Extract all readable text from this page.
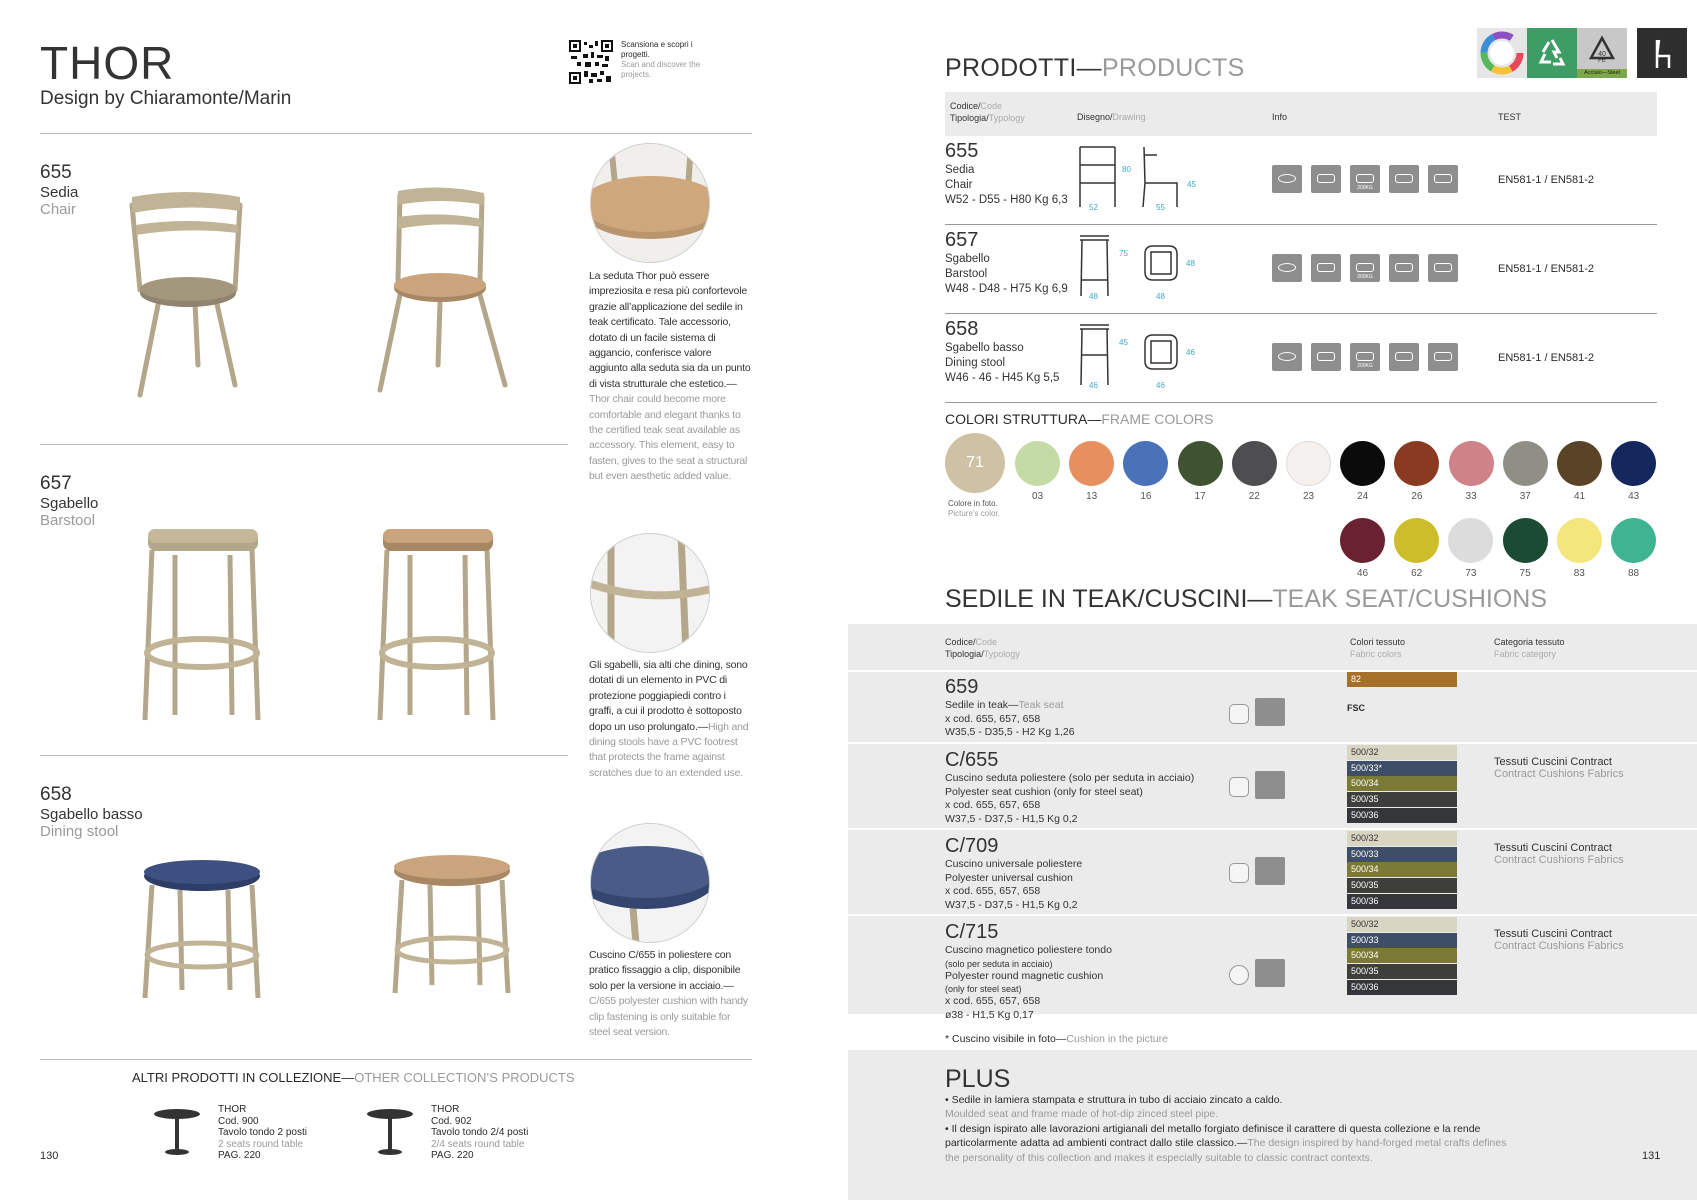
THOR
Design by Chiaramonte/Marin
Scansiona e scopri i progetti.
Scan and discover the projects.
655
Sedia
Chair
657
Sgabello
Barstool
658
Sgabello basso
Dining stool
La seduta Thor può essere impreziosita e resa più confortevole grazie all’applicazione del sedile in teak certificato. Tale accessorio, dotato di un facile sistema di aggancio, conferisce valore aggiunto alla seduta sia da un punto di vista strutturale che estetico.—Thor chair could become more comfortable and elegant thanks to the certified teak seat available as accessory. This element, easy to fasten, gives to the seat a structural but even aesthetic added value.
Gli sgabelli, sia alti che dining, sono dotati di un elemento in PVC di protezione poggiapiedi contro i graffi, a cui il prodotto è sottoposto dopo un uso prolungato.—High and dining stools have a PVC footrest that protects the frame against scratches due to an extended use.
Cuscino C/655 in poliestere con pratico fissaggio a clip, disponibile solo per la versione in acciaio.—C/655 polyester cushion with handy clip fastening is only suitable for steel seat version.
ALTRI PRODOTTI IN COLLEZIONE—OTHER COLLECTION’S PRODUCTS
THOR
Cod. 900
Tavolo tondo 2 posti
2 seats round table
PAG. 220
THOR
Cod. 902
Tavolo tondo 2/4 posti
2/4 seats round table
PAG. 220
130
40
FE
Acciaio—Steel
PRODOTTI—PRODUCTS
Codice/Code
Tipologia/Typology	Disegno/Drawing	Info	TEST
655
Sedia
Chair
W52 - D55 - H80 Kg 6,3
80
45
52	55
200KG
EN581-1 / EN581-2
657
Sgabello
Barstool
W48 - D48 - H75 Kg 6,9
75
48
48	48
200KG
EN581-1 / EN581-2
658
Sgabello basso
Dining stool
W46 - 46 - H45 Kg 5,5
45
46
46	46
200KG
EN581-1 / EN581-2
COLORI STRUTTURA—FRAME COLORS
71
Colore in foto.
Picture’s color.
03	13	16	17	22	23	24	26	33	37	41	43
46	62	73	75	83	88
SEDILE IN TEAK/CUSCINI—TEAK SEAT/CUSHIONS
Codice/Code
Tipologia/Typology
Colori tessuto
Fabric colors
Categoria tessuto
Fabric category
659
Sedile in teak—Teak seat
x cod. 655, 657, 658
W35,5 - D35,5 - H2 Kg 1,26
82
FSC
C/655
Cuscino seduta poliestere (solo per seduta in acciaio)
Polyester seat cushion (only for steel seat)
x cod. 655, 657, 658
W37,5 - D37,5 - H1,5 Kg 0,2
500/32
500/33*
500/34
500/35
500/36
Tessuti Cuscini Contract
Contract Cushions Fabrics
C/709
Cuscino universale poliestere
Polyester universal cushion
x cod. 655, 657, 658
W37,5 - D37,5 - H1,5 Kg 0,2
500/32
500/33
500/34
500/35
500/36
Tessuti Cuscini Contract
Contract Cushions Fabrics
C/715
Cuscino magnetico poliestere tondo
(solo per seduta in acciaio)
Polyester round magnetic cushion
(only for steel seat)
x cod. 655, 657, 658
ø38 - H1,5 Kg 0,17
500/32
500/33
500/34
500/35
500/36
Tessuti Cuscini Contract
Contract Cushions Fabrics
* Cuscino visibile in foto—Cushion in the picture
PLUS
• Sedile in lamiera stampata e struttura in tubo di acciaio zincato a caldo.
Moulded seat and frame made of hot-dip zinced steel pipe.
• Il design ispirato alle lavorazioni artigianali del metallo forgiato definisce il carattere di questa collezione e la rende particolarmente adatta ad ambienti contract dallo stile classico.—The design inspired by hand-forged metal crafts defines the personality of this collection and makes it especially suitable to classic contract contexts.	131
